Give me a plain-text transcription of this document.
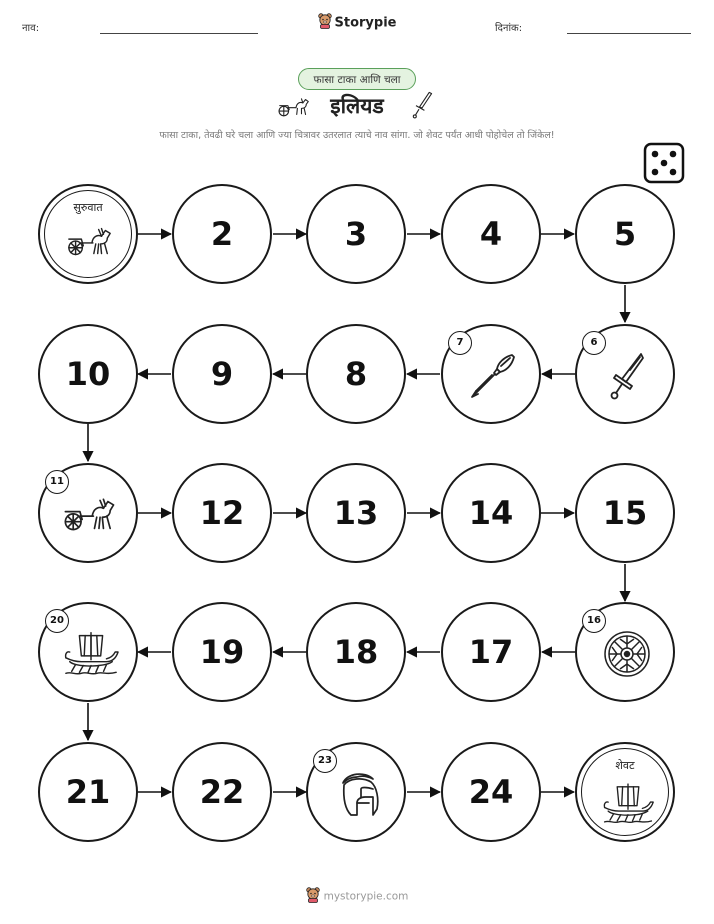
नाव:	Storypie	दिनांक:
फासा टाका आणि चला
इलियड
फासा टाका, तेवढी घरे चला आणि ज्या चित्रावर उतरलात त्याचे नाव सांगा. जो शेवट पर्यंत आधी पोहोचेल तो जिंकेल!
सुरुवात
2	3	4	5
10	9	8
7	6
11
12	13	14	15
20
19	18	17
16
21	22
23
24
शेवट
mystorypie.com
